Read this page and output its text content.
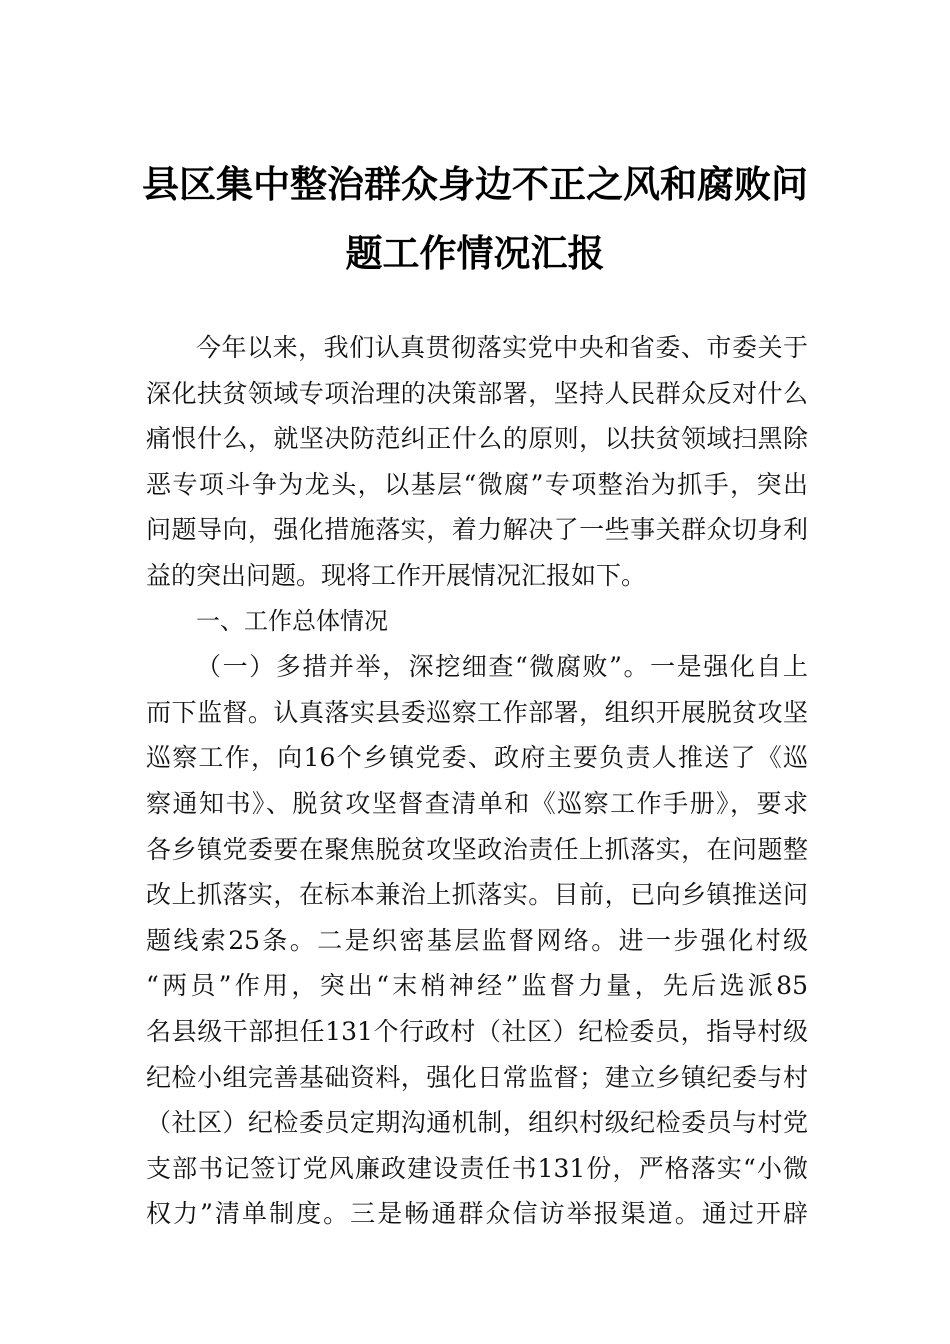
县区集中整治群众身边不正之风和腐败问
题工作情况汇报
今年以来，我们认真贯彻落实党中央和省委、市委关于
深化扶贫领域专项治理的决策部署，坚持人民群众反对什么
痛恨什么，就坚决防范纠正什么的原则，以扶贫领域扫黑除
恶专项斗争为龙头，以基层“微腐”专项整治为抓手，突出
问题导向，强化措施落实，着力解决了一些事关群众切身利
益的突出问题。现将工作开展情况汇报如下。
一、工作总体情况
（一）多措并举，深挖细查“微腐败”。一是强化自上
而下监督。认真落实县委巡察工作部署，组织开展脱贫攻坚
巡察工作，向16个乡镇党委、政府主要负责人推送了《巡
察通知书》、脱贫攻坚督查清单和《巡察工作手册》，要求
各乡镇党委要在聚焦脱贫攻坚政治责任上抓落实，在问题整
改上抓落实，在标本兼治上抓落实。目前，已向乡镇推送问
题线索25条。二是织密基层监督网络。进一步强化村级
“两员”作用，突出“末梢神经”监督力量，先后选派85
名县级干部担任131个行政村（社区）纪检委员，指导村级
纪检小组完善基础资料，强化日常监督；建立乡镇纪委与村
（社区）纪检委员定期沟通机制，组织村级纪检委员与村党
支部书记签订党风廉政建设责任书131份，严格落实“小微
权力”清单制度。三是畅通群众信访举报渠道。通过开辟
